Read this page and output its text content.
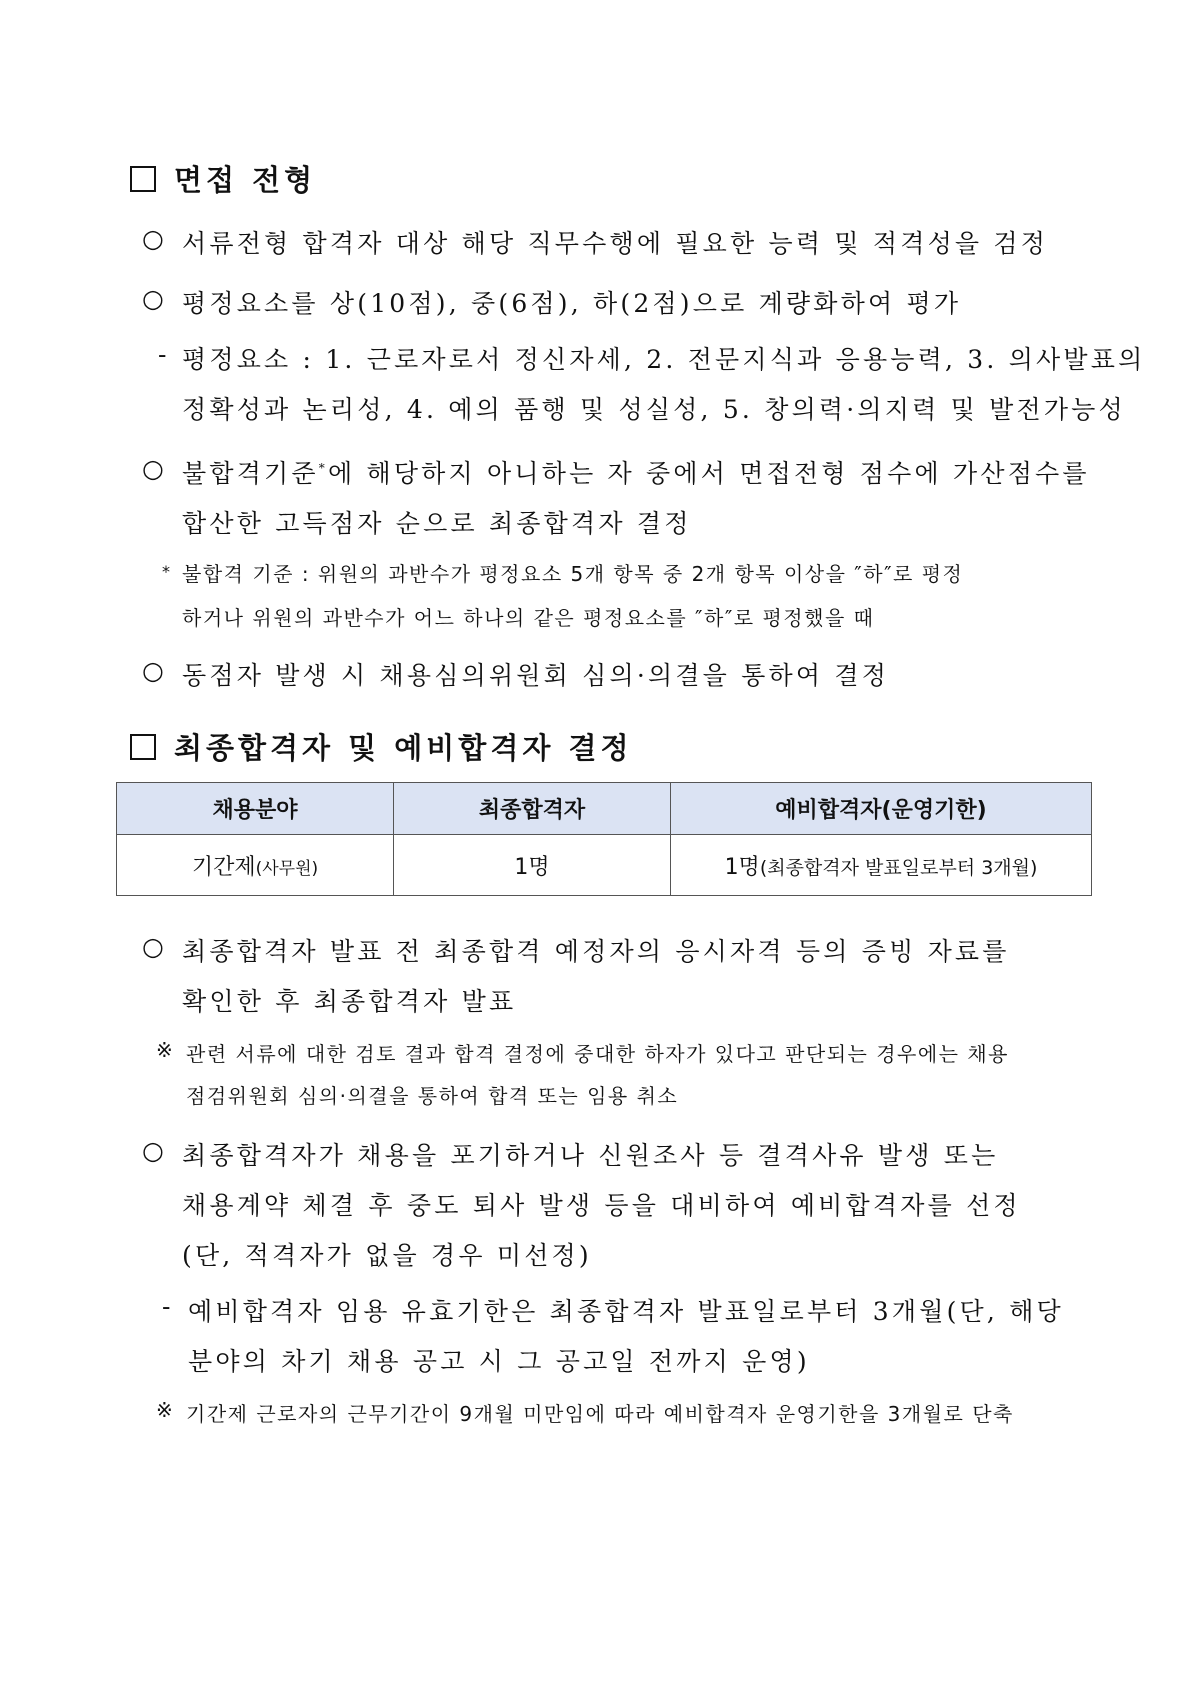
면접 전형
○ 서류전형 합격자 대상 해당 직무수행에 필요한 능력 및 적격성을 검정
○ 평정요소를 상(10점), 중(6점), 하(2점)으로 계량화하여 평가
- 평정요소 : 1. 근로자로서 정신자세, 2. 전문지식과 응용능력, 3. 의사발표의
정확성과 논리성, 4. 예의 품행 및 성실성, 5. 창의력·의지력 및 발전가능성
○ 불합격기준*에 해당하지 아니하는 자 중에서 면접전형 점수에 가산점수를
합산한 고득점자 순으로 최종합격자 결정
* 불합격 기준 : 위원의 과반수가 평정요소 5개 항목 중 2개 항목 이상을 ″하″로 평정
하거나 위원의 과반수가 어느 하나의 같은 평정요소를 ″하″로 평정했을 때
○ 동점자 발생 시 채용심의위원회 심의·의결을 통하여 결정
최종합격자 및 예비합격자 결정
채용분야	최종합격자	예비합격자(운영기한)
기간제(사무원)	1명	1명(최종합격자 발표일로부터 3개월)
○ 최종합격자 발표 전 최종합격 예정자의 응시자격 등의 증빙 자료를
확인한 후 최종합격자 발표
※ 관련 서류에 대한 검토 결과 합격 결정에 중대한 하자가 있다고 판단되는 경우에는 채용
점검위원회 심의·의결을 통하여 합격 또는 임용 취소
○ 최종합격자가 채용을 포기하거나 신원조사 등 결격사유 발생 또는
채용계약 체결 후 중도 퇴사 발생 등을 대비하여 예비합격자를 선정
(단, 적격자가 없을 경우 미선정)
- 예비합격자 임용 유효기한은 최종합격자 발표일로부터 3개월(단, 해당
분야의 차기 채용 공고 시 그 공고일 전까지 운영)
※ 기간제 근로자의 근무기간이 9개월 미만임에 따라 예비합격자 운영기한을 3개월로 단축
